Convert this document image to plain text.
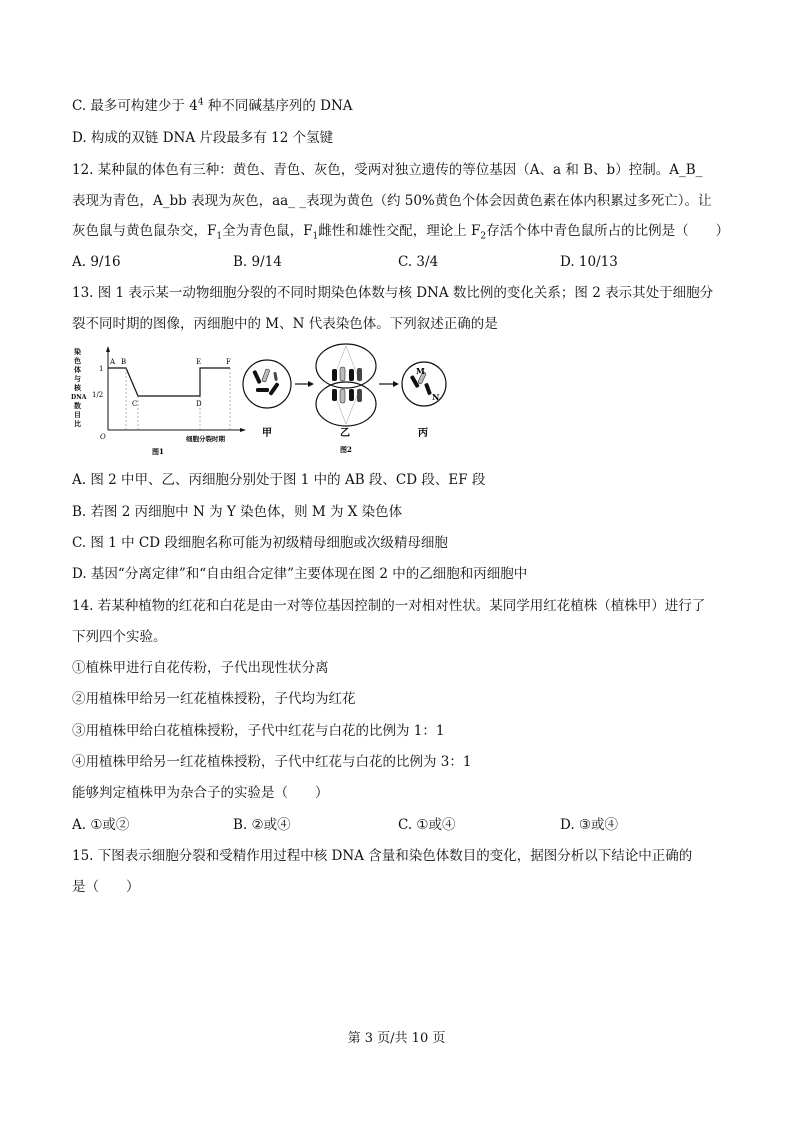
C. 最多可构建少于 $4^4$ 种不同碱基序列的 DNA
D. 构成的双链 DNA 片段最多有 12 个氢键
12. 某种鼠的体色有三种：黄色、青色、灰色，受两对独立遗传的等位基因（A、a 和 B、b）控制。A_B_
表现为青色，A_bb 表现为灰色，aa_ _表现为黄色（约 50%黄色个体会因黄色素在体内积累过多死亡）。让
灰色鼠与黄色鼠杂交，$F_1$全为青色鼠，$F_1$雌性和雄性交配，理论上 $F_2$存活个体中青色鼠所占的比例是（　　）
A. 9/16	B. 9/14	C. 3/4	D. 10/13
13. 图 1 表示某一动物细胞分裂的不同时期染色体数与核 DNA 数比例的变化关系；图 2 表示其处于细胞分
裂不同时期的图像，丙细胞中的 M、N 代表染色体。下列叙述正确的是
染
色
体
与
核
DNA
数
目
比
1
1/2
O
A B
C	D
E	F
细胞分裂时期
图1
甲	乙
图2
M
N
丙
A. 图 2 中甲、乙、丙细胞分别处于图 1 中的 AB 段、CD 段、EF 段
B. 若图 2 丙细胞中 N 为 Y 染色体，则 M 为 X 染色体
C. 图 1 中 CD 段细胞名称可能为初级精母细胞或次级精母细胞
D. 基因“分离定律”和“自由组合定律”主要体现在图 2 中的乙细胞和丙细胞中
14. 若某种植物的红花和白花是由一对等位基因控制的一对相对性状。某同学用红花植株（植株甲）进行了
下列四个实验。
①植株甲进行自花传粉，子代出现性状分离
②用植株甲给另一红花植株授粉，子代均为红花
③用植株甲给白花植株授粉，子代中红花与白花的比例为 1：1
④用植株甲给另一红花植株授粉，子代中红花与白花的比例为 3：1
能够判定植株甲为杂合子的实验是（　　）
A. ①或②	B. ②或④	C. ①或④	D. ③或④
15. 下图表示细胞分裂和受精作用过程中核 DNA 含量和染色体数目的变化，据图分析以下结论中正确的
是（　　）
第 3 页/共 10 页
